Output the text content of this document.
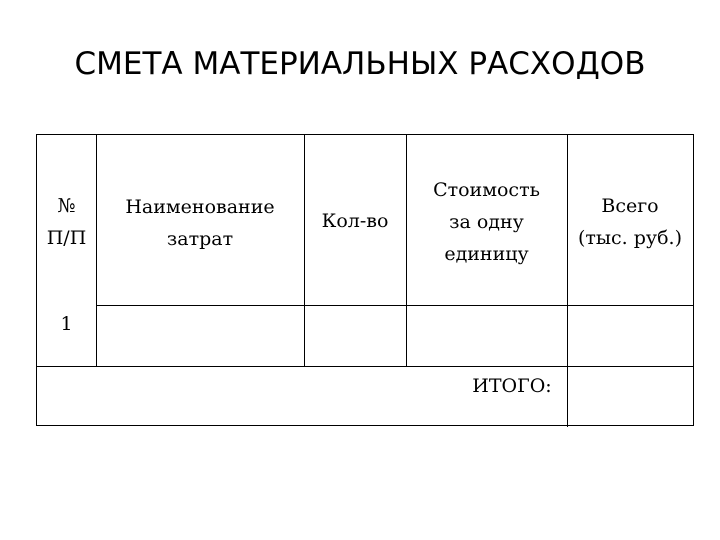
СМЕТА МАТЕРИАЛЬНЫХ РАСХОДОВ
№
П/П
Наименование
затрат
Кол-во
Стоимость
за одну
единицу
Всего
(тыс. руб.)
1
ИТОГО:
